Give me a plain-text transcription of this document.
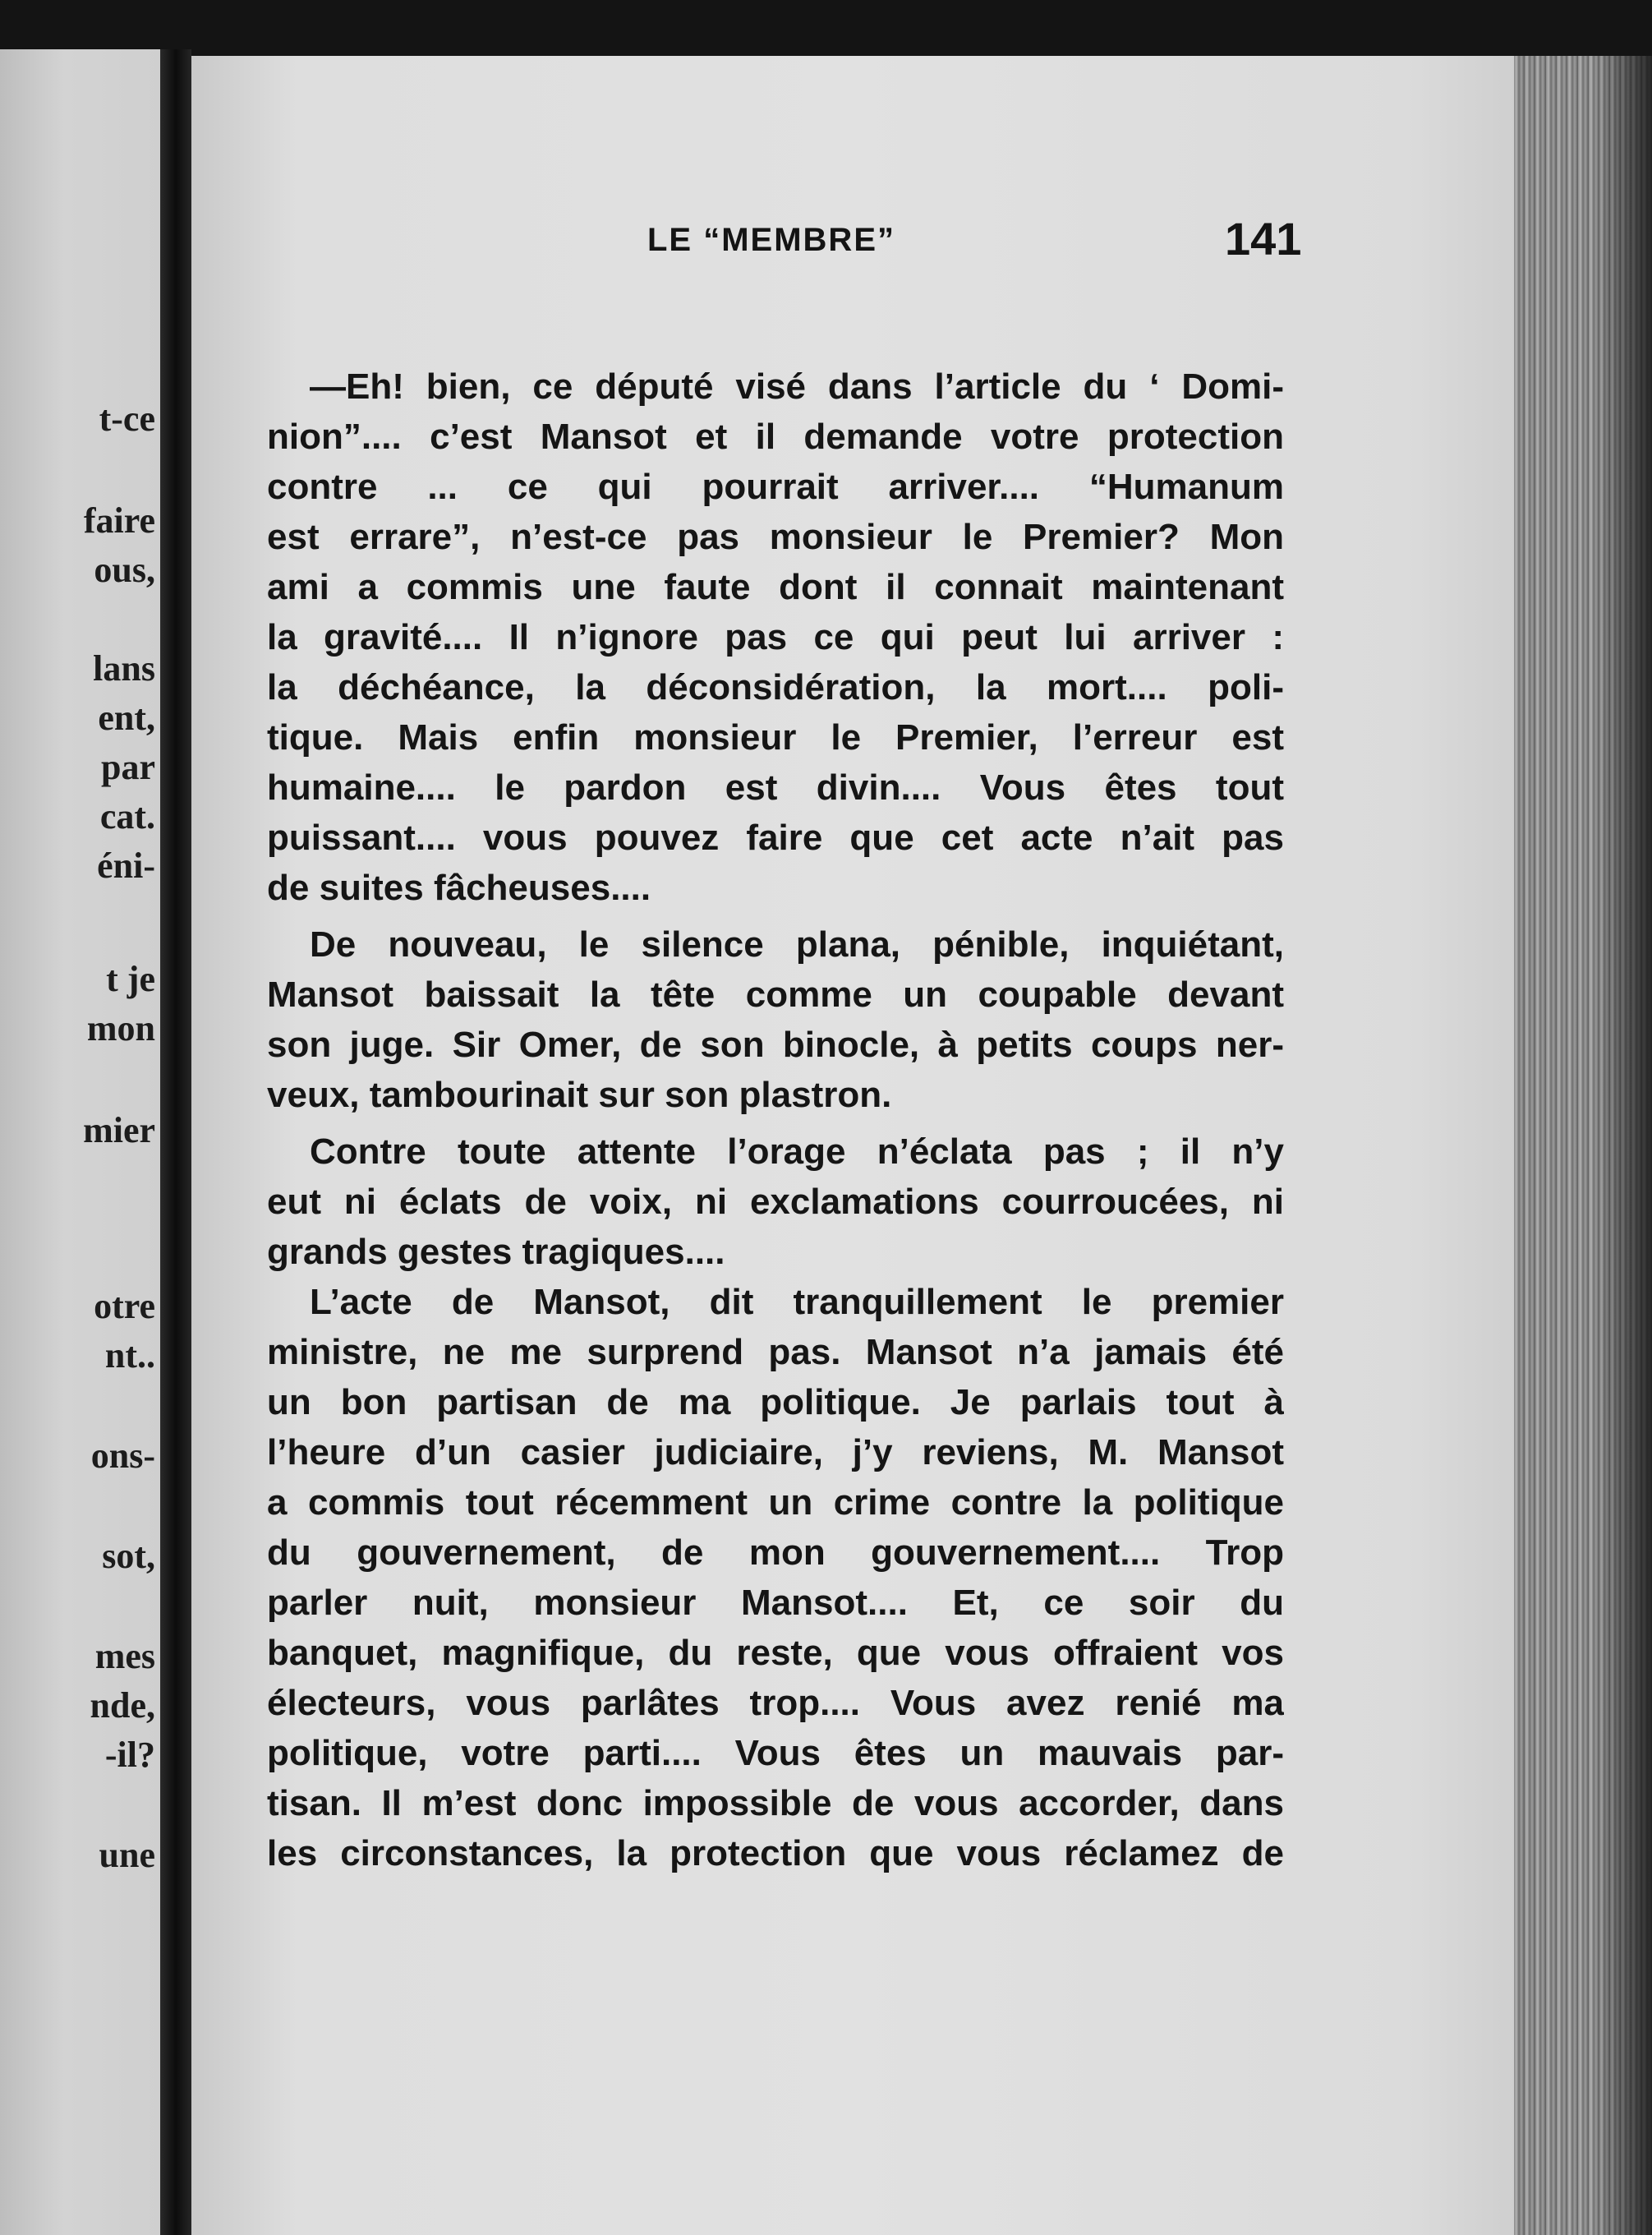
t-ce
faire
ous,
lans
ent,
par
cat.
éni-
t je
mon
mier
otre
nt..
ons-
sot,
mes
nde,
-il?
une
LE “MEMBRE”	141
—Eh! bien, ce député visé dans l’article du ‘ Domi-
nion”.... c’est Mansot et il demande votre protection
contre ... ce qui pourrait arriver.... “Humanum
est errare”, n’est-ce pas monsieur le Premier? Mon
ami a commis une faute dont il connait maintenant
la gravité.... Il n’ignore pas ce qui peut lui arriver :
la déchéance, la déconsidération, la mort.... poli-
tique. Mais enfin monsieur le Premier, l’erreur est
humaine.... le pardon est divin.... Vous êtes tout
puissant.... vous pouvez faire que cet acte n’ait pas
de suites fâcheuses....
De nouveau, le silence plana, pénible, inquiétant,
Mansot baissait la tête comme un coupable devant
son juge. Sir Omer, de son binocle, à petits coups ner-
veux, tambourinait sur son plastron.
Contre toute attente l’orage n’éclata pas ; il n’y
eut ni éclats de voix, ni exclamations courroucées, ni
grands gestes tragiques....
L’acte de Mansot, dit tranquillement le premier
ministre, ne me surprend pas. Mansot n’a jamais été
un bon partisan de ma politique. Je parlais tout à
l’heure d’un casier judiciaire, j’y reviens, M. Mansot
a commis tout récemment un crime contre la politique
du gouvernement, de mon gouvernement.... Trop
parler nuit, monsieur Mansot.... Et, ce soir du
banquet, magnifique, du reste, que vous offraient vos
électeurs, vous parlâtes trop.... Vous avez renié ma
politique, votre parti.... Vous êtes un mauvais par-
tisan. Il m’est donc impossible de vous accorder, dans
les circonstances, la protection que vous réclamez de
